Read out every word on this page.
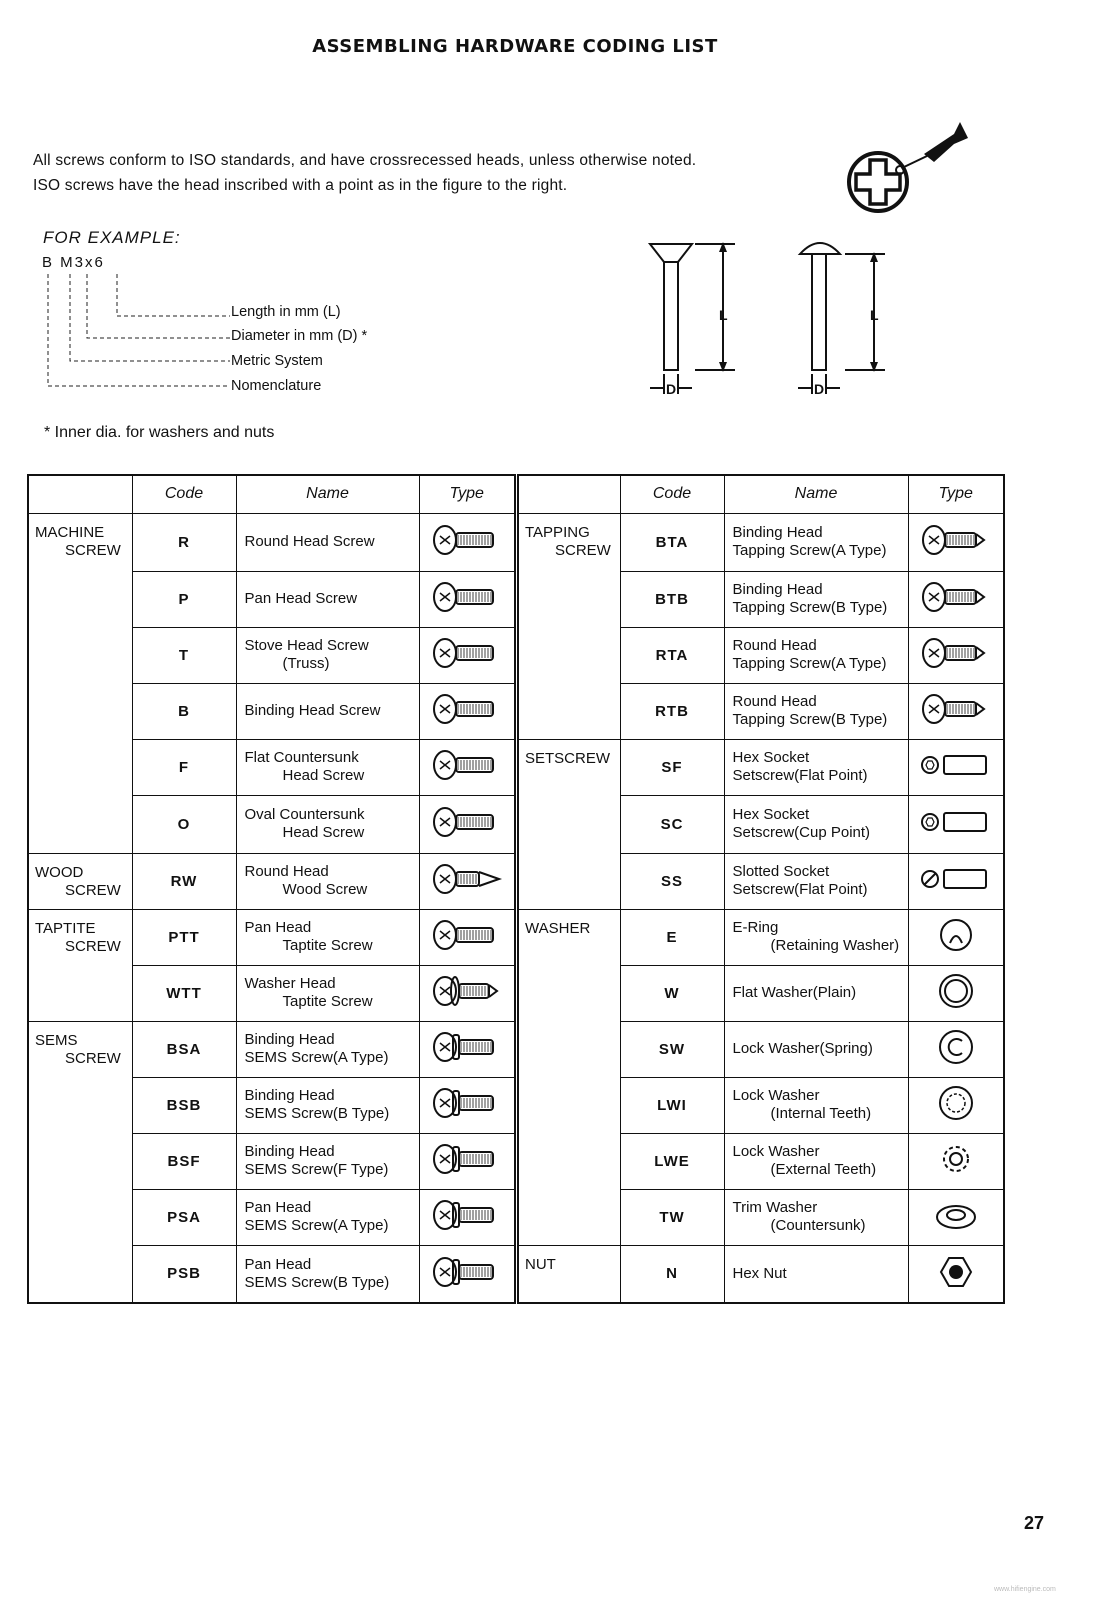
ASSEMBLING HARDWARE CODING LIST
All screws conform to ISO standards, and have crossrecessed heads, unless otherwise noted.
ISO screws have the head inscribed with a point as in the figure to the right.
FOR EXAMPLE:
B M3x6
Length in mm (L)
Diameter in mm (D) *
Metric System
Nomenclature
L	L
D	D
* Inner dia. for washers and nuts
	Code	Name	Type

MACHINE
SCREW	R	Round Head Screw

	P	Pan Head Screw

	T	Stove Head Screw
(Truss)

	B	Binding Head Screw

	F	Flat Countersunk
Head Screw

	O	Oval Countersunk
Head Screw

WOOD
SCREW	RW	Round Head
Wood Screw

TAPTITE
SCREW	PTT	Pan Head
Taptite Screw

	WTT	Washer Head
Taptite Screw

SEMS
SCREW	BSA	Binding Head
SEMS Screw(A Type)

	BSB	Binding Head
SEMS Screw(B Type)

	BSF	Binding Head
SEMS Screw(F Type)

	PSA	Pan Head
SEMS Screw(A Type)

	PSB	Pan Head
SEMS Screw(B Type)

	Code	Name	Type

TAPPING
SCREW	BTA	Binding Head
Tapping Screw(A Type)

	BTB	Binding Head
Tapping Screw(B Type)

	RTA	Round Head
Tapping Screw(A Type)

	RTB	Round Head
Tapping Screw(B Type)

SETSCREW	SF	Hex Socket
Setscrew(Flat Point)

	SC	Hex Socket
Setscrew(Cup Point)

	SS	Slotted Socket
Setscrew(Flat Point)

WASHER	E	E-Ring
(Retaining Washer)

	W	Flat Washer(Plain)

	SW	Lock Washer(Spring)

	LWI	Lock Washer
(Internal Teeth)

	LWE	Lock Washer
(External Teeth)

	TW	Trim Washer
(Countersunk)

NUT	N	Hex Nut

27
www.hifiengine.com
